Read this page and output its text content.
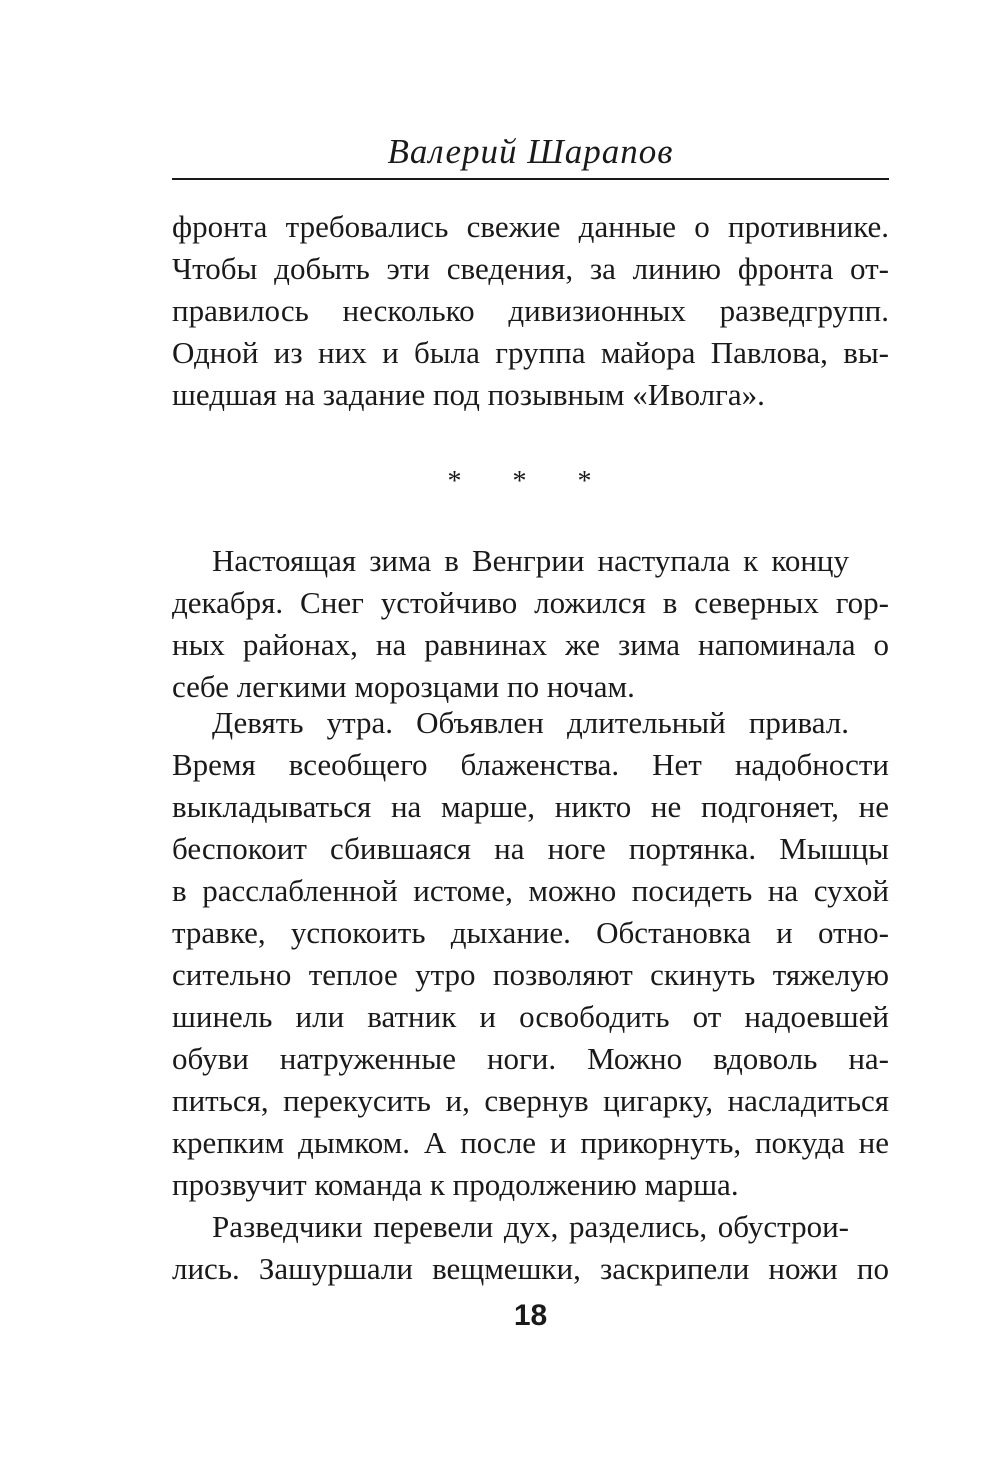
Валерий Шарапов
фронта требовались свежие данные о противнике.
Чтобы добыть эти сведения, за линию фронта от-
правилось несколько дивизионных разведгрупп.
Одной из них и была группа майора Павлова, вы-
шедшая на задание под позывным «Иволга».
* * *
Настоящая зима в Венгрии наступала к концу
декабря. Снег устойчиво ложился в северных гор-
ных районах, на равнинах же зима напоминала о
себе легкими морозцами по ночам.
Девять утра. Объявлен длительный привал.
Время всеобщего блаженства. Нет надобности
выкладываться на марше, никто не подгоняет, не
беспокоит сбившаяся на ноге портянка. Мышцы
в расслабленной истоме, можно посидеть на сухой
травке, успокоить дыхание. Обстановка и отно-
сительно теплое утро позволяют скинуть тяжелую
шинель или ватник и освободить от надоевшей
обуви натруженные ноги. Можно вдоволь на-
питься, перекусить и, свернув цигарку, насладиться
крепким дымком. А после и прикорнуть, покуда не
прозвучит команда к продолжению марша.
Разведчики перевели дух, разделись, обустрои-
лись. Зашуршали вещмешки, заскрипели ножи по
18
